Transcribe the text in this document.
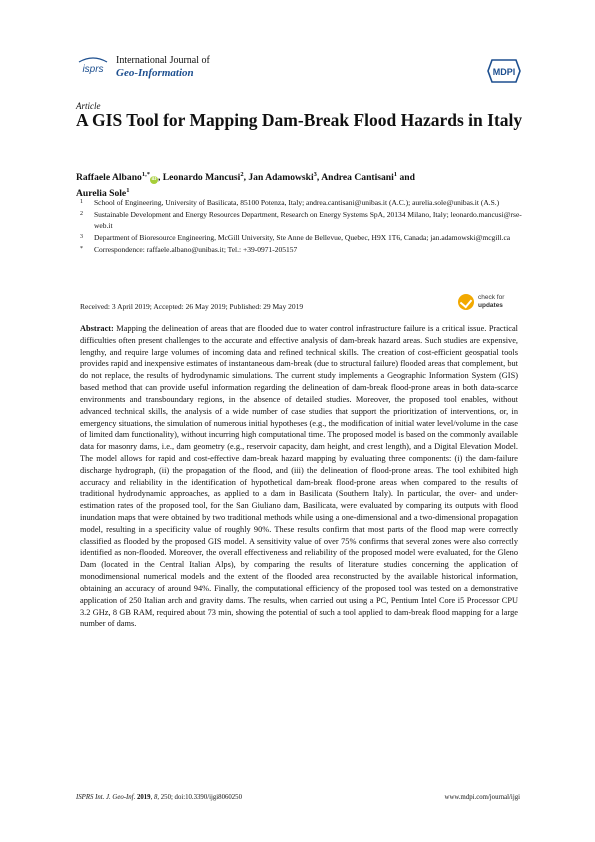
isprs
International Journal of
Geo-Information	MDPI
Article
A GIS Tool for Mapping Dam-Break Flood Hazards in Italy
Raffaele Albano$^{1,*}$iD , Leonardo Mancusi$^2$, Jan Adamowski$^3$, Andrea Cantisani$^1$ and
Aurelia Sole$^1$
1 School of Engineering, University of Basilicata, 85100 Potenza, Italy; andrea.cantisani@unibas.it (A.C.); aurelia.sole@unibas.it (A.S.)
2 Sustainable Development and Energy Resources Department, Research on Energy Systems SpA, 20134 Milano, Italy; leonardo.mancusi@rse-web.it
3 Department of Bioresource Engineering, McGill University, Ste Anne de Bellevue, Quebec, H9X 1T6, Canada; jan.adamowski@mcgill.ca
* Correspondence: raffaele.albano@unibas.it; Tel.: +39-0971-205157
Received: 3 April 2019; Accepted: 26 May 2019; Published: 29 May 2019
check for
updates
Abstract: Mapping the delineation of areas that are flooded due to water control infrastructure failure is a critical issue. Practical difficulties often present challenges to the accurate and effective analysis of dam-break hazard areas. Such studies are expensive, lengthy, and require large volumes of incoming data and refined technical skills. The creation of cost-efficient geospatial tools provides rapid and inexpensive estimates of instantaneous dam-break (due to structural failure) flooded areas that complement, but do not replace, the results of hydrodynamic simulations. The current study implements a Geographic Information System (GIS) based method that can provide useful information regarding the delineation of dam-break flood-prone areas in both data-scarce environments and transboundary regions, in the absence of detailed studies. Moreover, the proposed tool enables, without advanced technical skills, the analysis of a wide number of case studies that support the prioritization of interventions, or, in emergency situations, the simulation of numerous initial hypotheses (e.g., the modification of initial water level/volume in the case of limited dam functionality), without incurring high computational time. The proposed model is based on the commonly available data for masonry dams, i.e., dam geometry (e.g., reservoir capacity, dam height, and crest length), and a Digital Elevation Model. The model allows for rapid and cost-effective dam-break hazard mapping by evaluating three components: (i) the dam-failure discharge hydrograph, (ii) the propagation of the flood, and (iii) the delineation of flood-prone areas. The tool exhibited high accuracy and reliability in the identification of hypothetical dam-break flood-prone areas when compared to the results of traditional hydrodynamic approaches, as applied to a dam in Basilicata (Southern Italy). In particular, the over- and under-estimation rates of the proposed tool, for the San Giuliano dam, Basilicata, were evaluated by comparing its outputs with flood inundation maps that were obtained by two traditional methods while using a one-dimensional and a two-dimensional propagation model, resulting in a specificity value of roughly 90%. These results confirm that most parts of the flood map were correctly classified as flooded by the proposed GIS model. A sensitivity value of over 75% confirms that several zones were also correctly identified as non-flooded. Moreover, the overall effectiveness and reliability of the proposed model were evaluated, for the Gleno Dam (located in the Central Italian Alps), by comparing the results of literature studies concerning the application of monodimensional numerical models and the extent of the flooded area reconstructed by the available historical information, obtaining an accuracy of around 94%. Finally, the computational efficiency of the proposed tool was tested on a demonstrative application of 250 Italian arch and gravity dams. The results, when carried out using a PC, Pentium Intel Core i5 Processor CPU 3.2 GHz, 8 GB RAM, required about 73 min, showing the potential of such a tool applied to dam-break flood mapping for a large number of dams.
ISPRS Int. J. Geo-Inf. 2019, 8, 250; doi:10.3390/ijgi8060250	www.mdpi.com/journal/ijgi
